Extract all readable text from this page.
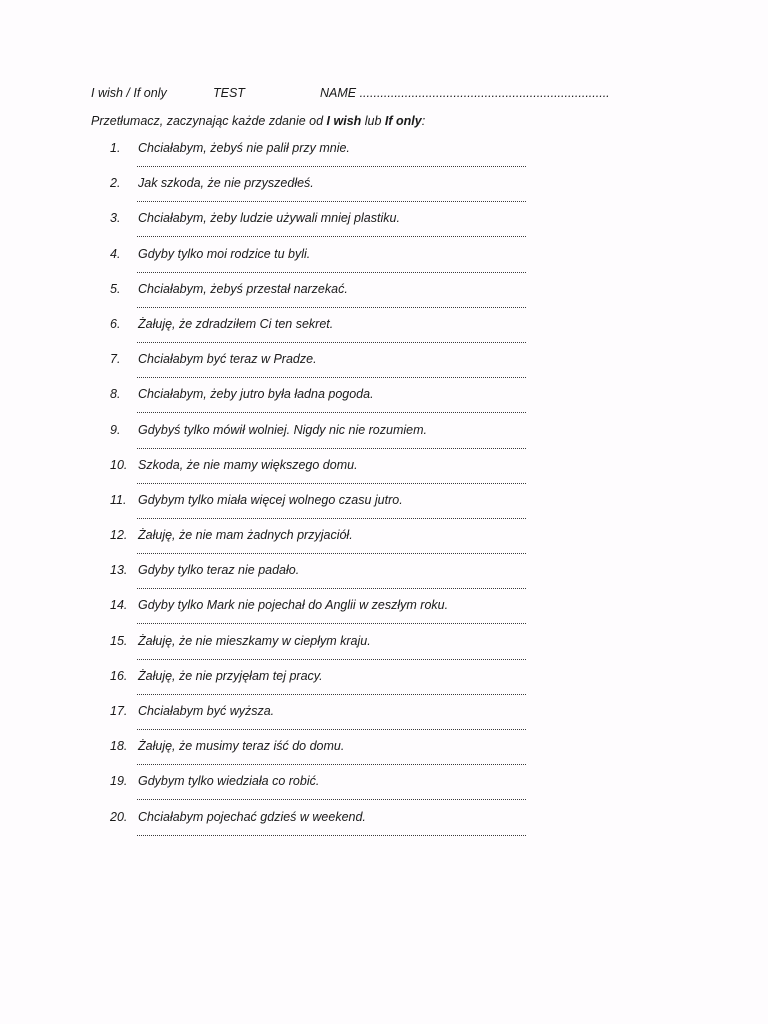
I wish / If only	TEST	NAME ........................................................................
Przetłumacz, zaczynając każde zdanie od I wish lub If only:
1.	Chciałabym, żebyś nie palił przy mnie.
2.	Jak szkoda, że nie przyszedłeś.
3.	Chciałabym, żeby ludzie używali mniej plastiku.
4.	Gdyby tylko moi rodzice tu byli.
5.	Chciałabym, żebyś przestał narzekać.
6.	Żałuję, że zdradziłem Ci ten sekret.
7.	Chciałabym być teraz w Pradze.
8.	Chciałabym, żeby jutro była ładna pogoda.
9.	Gdybyś tylko mówił wolniej. Nigdy nic nie rozumiem.
10. Szkoda, że nie mamy większego domu.
11. Gdybym tylko miała więcej wolnego czasu jutro.
12. Żałuję, że nie mam żadnych przyjaciół.
13. Gdyby tylko teraz nie padało.
14. Gdyby tylko Mark nie pojechał do Anglii w zeszłym roku.
15. Żałuję, że nie mieszkamy w ciepłym kraju.
16. Żałuję, że nie przyjęłam tej pracy.
17. Chciałabym być wyższa.
18. Żałuję, że musimy teraz iść do domu.
19. Gdybym tylko wiedziała co robić.
20. Chciałabym pojechać gdzieś w weekend.
